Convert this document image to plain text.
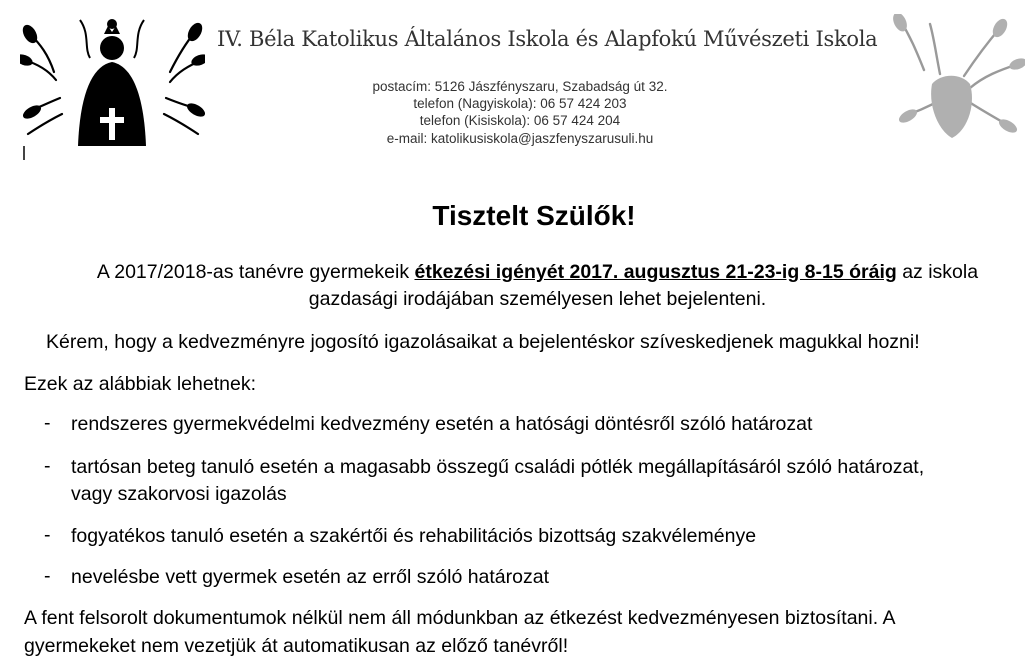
IV. Béla Katolikus Általános Iskola és Alapfokú Művészeti Iskola
postacím: 5126 Jászfényszaru, Szabadság út 32.
telefon (Nagyiskola): 06 57 424 203
telefon (Kisiskola): 06 57 424 204
e-mail: katolikusiskola@jaszfenyszarusuli.hu
Tisztelt Szülők!
A 2017/2018-as tanévre gyermekeik étkezési igényét 2017. augusztus 21-23-ig 8-15 óráig az iskola
gazdasági irodájában személyesen lehet bejelenteni.
Kérem, hogy a kedvezményre jogosító igazolásaikat a bejelentéskor szíveskedjenek magukkal hozni!
Ezek az alábbiak lehetnek:
- rendszeres gyermekvédelmi kedvezmény esetén a hatósági döntésről szóló határozat
- tartósan beteg tanuló esetén a magasabb összegű családi pótlék megállapításáról szóló határozat,
vagy szakorvosi igazolás
- fogyatékos tanuló esetén a szakértői és rehabilitációs bizottság szakvéleménye
- nevelésbe vett gyermek esetén az erről szóló határozat
A fent felsorolt dokumentumok nélkül nem áll módunkban az étkezést kedvezményesen biztosítani. A
gyermekeket nem vezetjük át automatikusan az előző tanévről!
